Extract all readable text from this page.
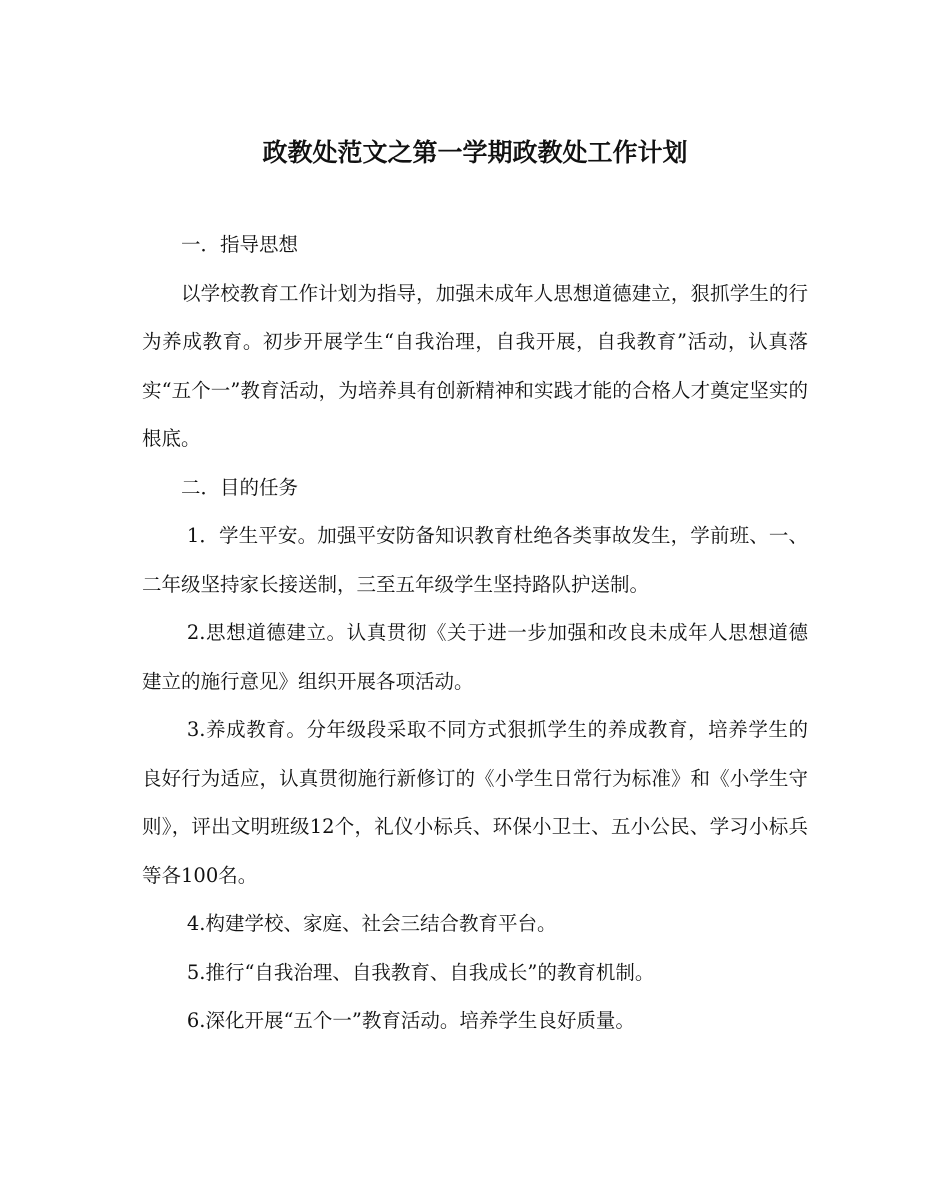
政教处范文之第一学期政教处工作计划

一．指导思想

以学校教育工作计划为指导，加强未成年人思想道德建立，狠抓学生的行为养成教育。初步开展学生“自我治理，自我开展，自我教育”活动，认真落实“五个一”教育活动，为培养具有创新精神和实践才能的合格人才奠定坚实的根底。

二．目的任务

1．学生平安。加强平安防备知识教育杜绝各类事故发生，学前班、一、二年级坚持家长接送制，三至五年级学生坚持路队护送制。

2.思想道德建立。认真贯彻《关于进一步加强和改良未成年人思想道德建立的施行意见》组织开展各项活动。

3.养成教育。分年级段采取不同方式狠抓学生的养成教育，培养学生的良好行为适应，认真贯彻施行新修订的《小学生日常行为标准》和《小学生守则》，评出文明班级12个，礼仪小标兵、环保小卫士、五小公民、学习小标兵等各100名。

4.构建学校、家庭、社会三结合教育平台。

5.推行“自我治理、自我教育、自我成长”的教育机制。

6.深化开展“五个一”教育活动。培养学生良好质量。
